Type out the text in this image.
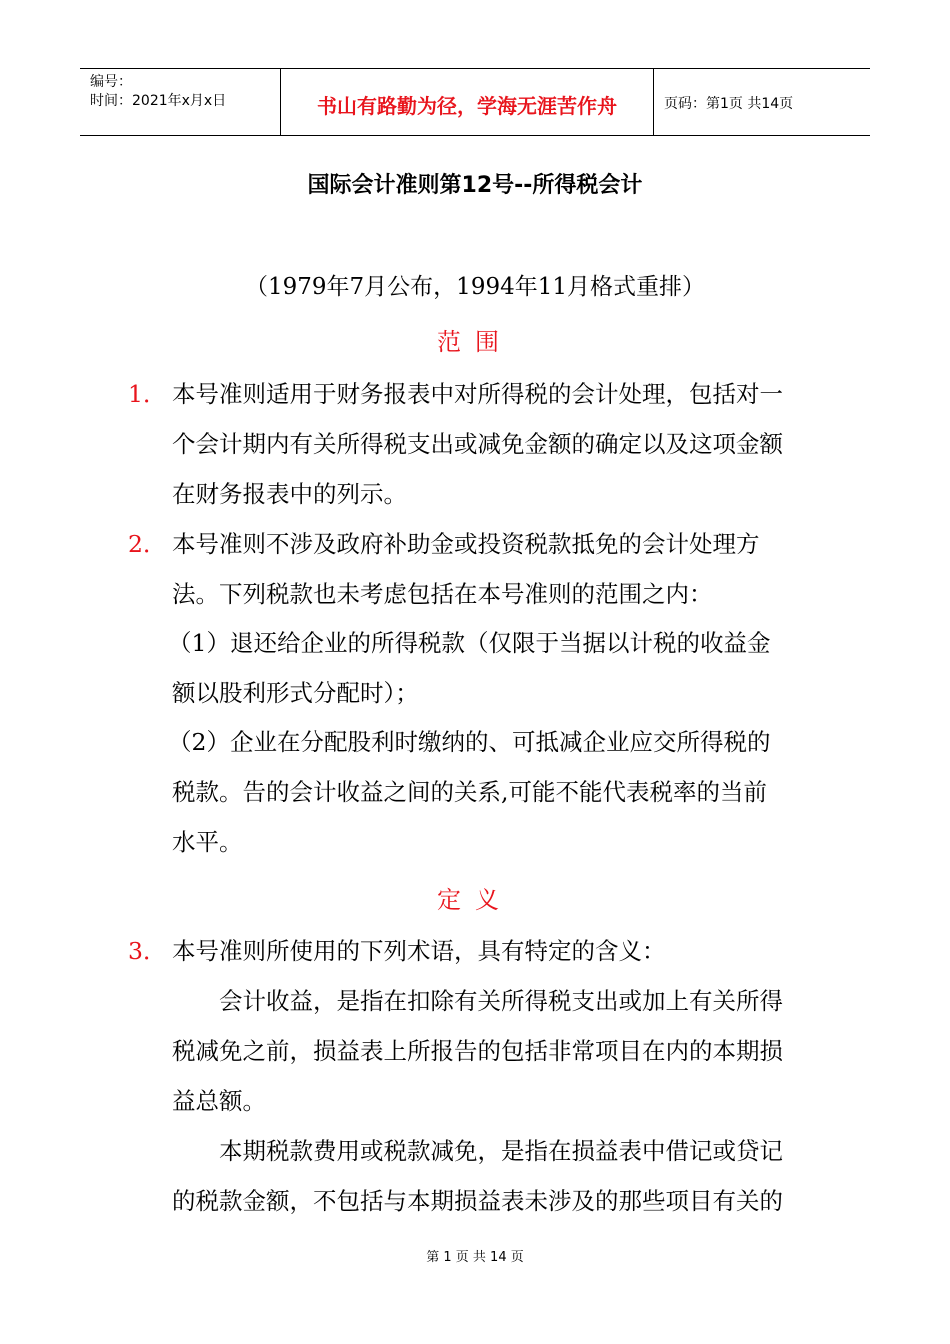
编号：
时间：2021年x月x日	书山有路勤为径，学海无涯苦作舟	页码：第1页 共14页
国际会计准则第12号--所得税会计
（1979年7月公布，1994年11月格式重排）
范围
1． 本号准则适用于财务报表中对所得税的会计处理，包括对一
个会计期内有关所得税支出或减免金额的确定以及这项金额
在财务报表中的列示。
2． 本号准则不涉及政府补助金或投资税款抵免的会计处理方
法。下列税款也未考虑包括在本号准则的范围之内：
（1）退还给企业的所得税款（仅限于当据以计税的收益金
额以股利形式分配时）；
（2）企业在分配股利时缴纳的、可抵减企业应交所得税的
税款。告的会计收益之间的关系,可能不能代表税率的当前
水平。
定义
3． 本号准则所使用的下列术语，具有特定的含义：
　　会计收益，是指在扣除有关所得税支出或加上有关所得
税减免之前，损益表上所报告的包括非常项目在内的本期损
益总额。
　　本期税款费用或税款减免，是指在损益表中借记或贷记
的税款金额，不包括与本期损益表未涉及的那些项目有关的
第 1 页 共 14 页
